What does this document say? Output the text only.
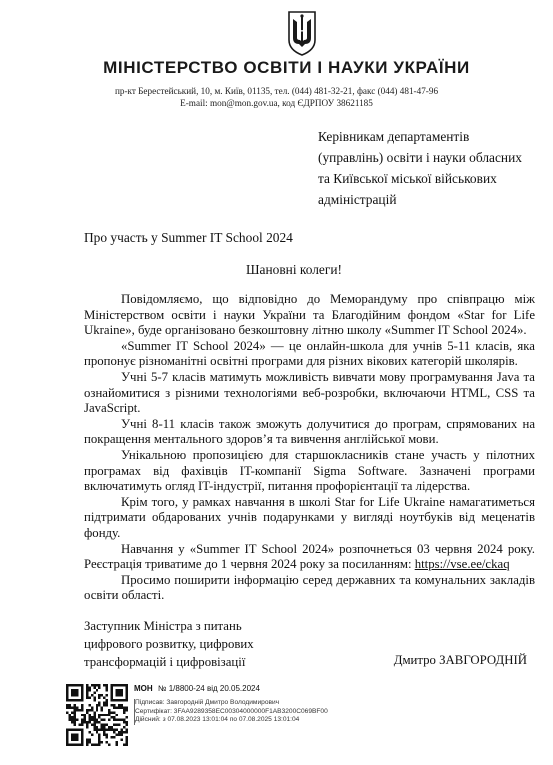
МІНІСТЕРСТВО ОСВІТИ І НАУКИ УКРАЇНИ
пр-кт Берестейський, 10, м. Київ, 01135, тел. (044) 481-32-21, факс (044) 481-47-96
E-mail: mon@mon.gov.ua, код ЄДРПОУ 38621185
Керівникам департаментів
(управлінь) освіти і науки обласних
та Київської міської військових
адміністрацій
Про участь у Summer IT School 2024
Шановні колеги!

Повідомляємо, що відповідно до Меморандуму про співпрацю між Міністерством освіти і науки України та Благодійним фондом «Star for Life Ukraine», буде організовано безкоштовну літню школу «Summer IT School 2024».

«Summer IT School 2024» — це онлайн-школа для учнів 5-11 класів, яка пропонує різноманітні освітні програми для різних вікових категорій школярів.

Учні 5-7 класів матимуть можливість вивчати мову програмування Java та ознайомитися з різними технологіями веб-розробки, включаючи HTML, CSS та JavaScript.

Учні 8-11 класів також зможуть долучитися до програм, спрямованих на покращення ментального здоров’я та вивчення англійської мови.

Унікальною пропозицією для старшокласників стане участь у пілотних програмах від фахівців IT-компанії Sigma Software. Зазначені програми включатимуть огляд IT-індустрії, питання профорієнтації та лідерства.

Крім того, у рамках навчання в школі Star for Life Ukraine намагатиметься підтримати обдарованих учнів подарунками у вигляді ноутбуків від меценатів фонду.

Навчання у «Summer IT School 2024» розпочнеться 03 червня 2024 року. Реєстрація триватиме до 1 червня 2024 року за посиланням: https://vse.ee/ckaq

Просимо поширити інформацію серед державних та комунальних закладів освіти області.

Заступник Міністра з питань
цифрового розвитку, цифрових
трансформацій і цифровізації	Дмитро ЗАВГОРОДНІЙ
МОН № 1/8800-24 від 20.05.2024
Підписав: Завгородній Дмитро Володимирович
Сертифікат: 3FAA9289358EC00304000000F1AB3200C069BF00
Дійсний: з 07.08.2023 13:01:04 по 07.08.2025 13:01:04
